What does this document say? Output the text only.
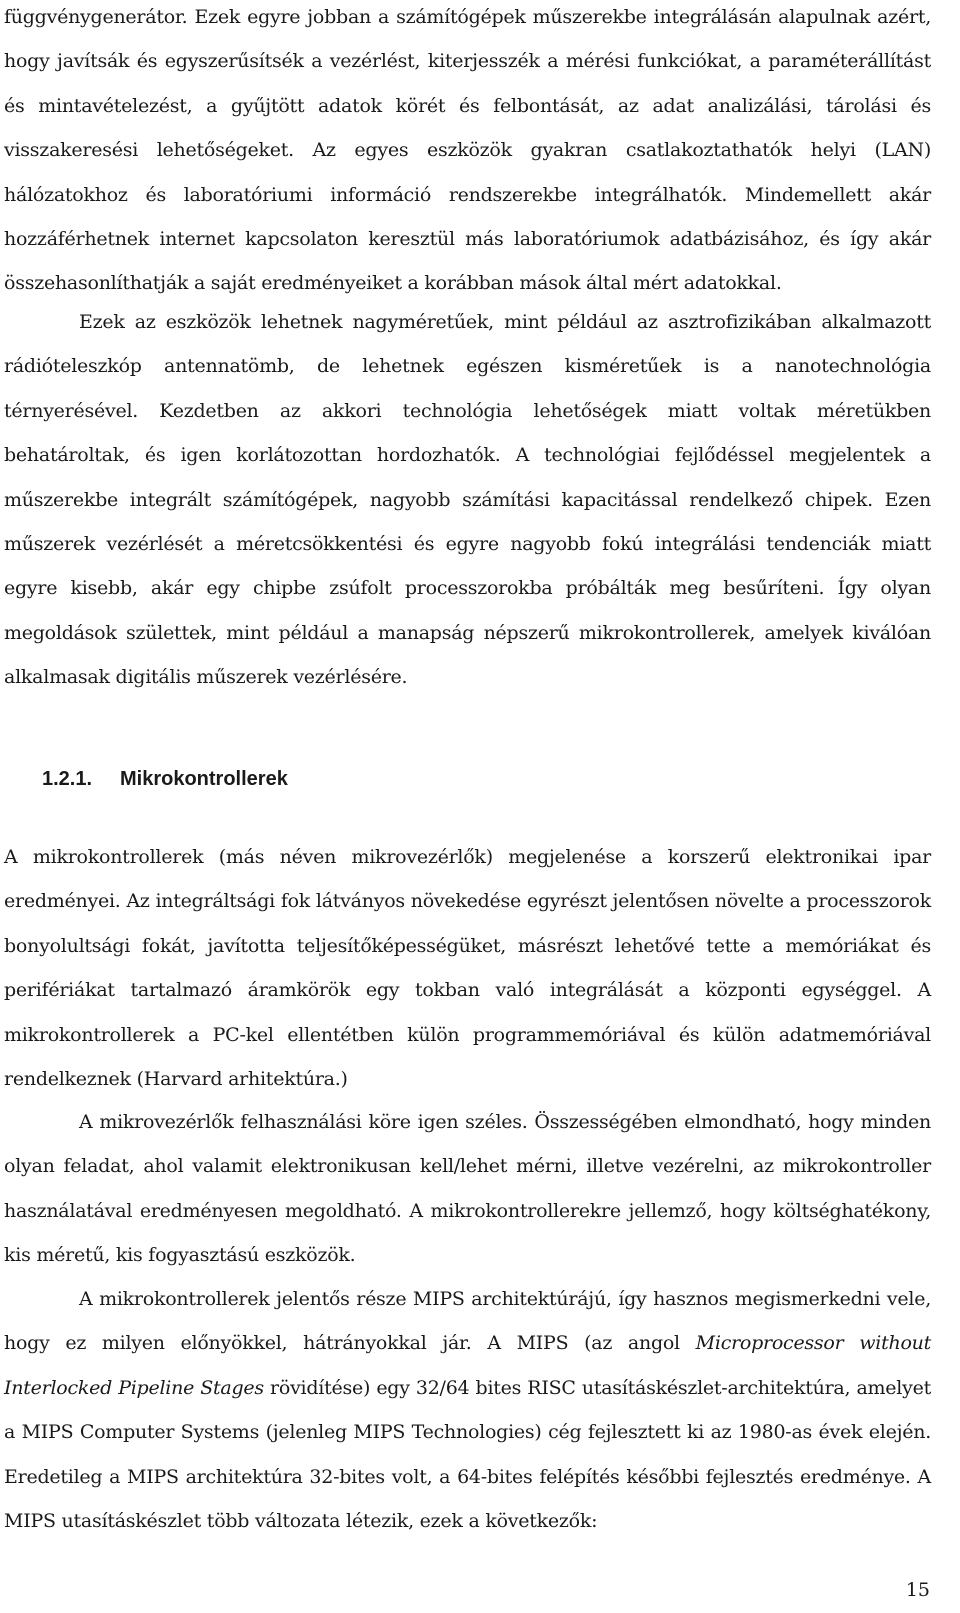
függvénygenerátor. Ezek egyre jobban a számítógépek műszerekbe integrálásán alapulnak azért, hogy javítsák és egyszerűsítsék a vezérlést, kiterjesszék a mérési funkciókat, a paraméterállítást és mintavételezést, a gyűjtött adatok körét és felbontását, az adat analizálási, tárolási és visszakeresési lehetőségeket. Az egyes eszközök gyakran csatlakoztathatók helyi (LAN) hálózatokhoz és laboratóriumi információ rendszerekbe integrálhatók. Mindemellett akár hozzáférhetnek internet kapcsolaton keresztül más laboratóriumok adatbázisához, és így akár összehasonlíthatják a saját eredményeiket a korábban mások által mért adatokkal.

Ezek az eszközök lehetnek nagyméretűek, mint például az asztrofizikában alkalmazott rádióteleszkóp antennatömb, de lehetnek egészen kisméretűek is a nanotechnológia térnyerésével. Kezdetben az akkori technológia lehetőségek miatt voltak méretükben behatároltak, és igen korlátozottan hordozhatók. A technológiai fejlődéssel megjelentek a műszerekbe integrált számítógépek, nagyobb számítási kapacitással rendelkező chipek. Ezen műszerek vezérlését a méretcsökkentési és egyre nagyobb fokú integrálási tendenciák miatt egyre kisebb, akár egy chipbe zsúfolt processzorokba próbálták meg besűríteni. Így olyan megoldások születtek, mint például a manapság népszerű mikrokontrollerek, amelyek kiválóan alkalmasak digitális műszerek vezérlésére.

1.2.1. Mikrokontrollerek

A mikrokontrollerek (más néven mikrovezérlők) megjelenése a korszerű elektronikai ipar eredményei. Az integráltsági fok látványos növekedése egyrészt jelentősen növelte a processzorok bonyolultsági fokát, javította teljesítőképességüket, másrészt lehetővé tette a memóriákat és perifériákat tartalmazó áramkörök egy tokban való integrálását a központi egységgel. A mikrokontrollerek a PC-kel ellentétben külön programmemóriával és külön adatmemóriával rendelkeznek (Harvard arhitektúra.)

A mikrovezérlők felhasználási köre igen széles. Összességében elmondható, hogy minden olyan feladat, ahol valamit elektronikusan kell/lehet mérni, illetve vezérelni, az mikrokontroller használatával eredményesen megoldható. A mikrokontrollerekre jellemző, hogy költséghatékony, kis méretű, kis fogyasztású eszközök.

A mikrokontrollerek jelentős része MIPS architektúrájú, így hasznos megismerkedni vele, hogy ez milyen előnyökkel, hátrányokkal jár. A MIPS (az angol Microprocessor without Interlocked Pipeline Stages rövidítése) egy 32/64 bites RISC utasításkészlet-architektúra, amelyet a MIPS Computer Systems (jelenleg MIPS Technologies) cég fejlesztett ki az 1980-as évek elején. Eredetileg a MIPS architektúra 32-bites volt, a 64-bites felépítés későbbi fejlesztés eredménye. A MIPS utasításkészlet több változata létezik, ezek a következők:

15
